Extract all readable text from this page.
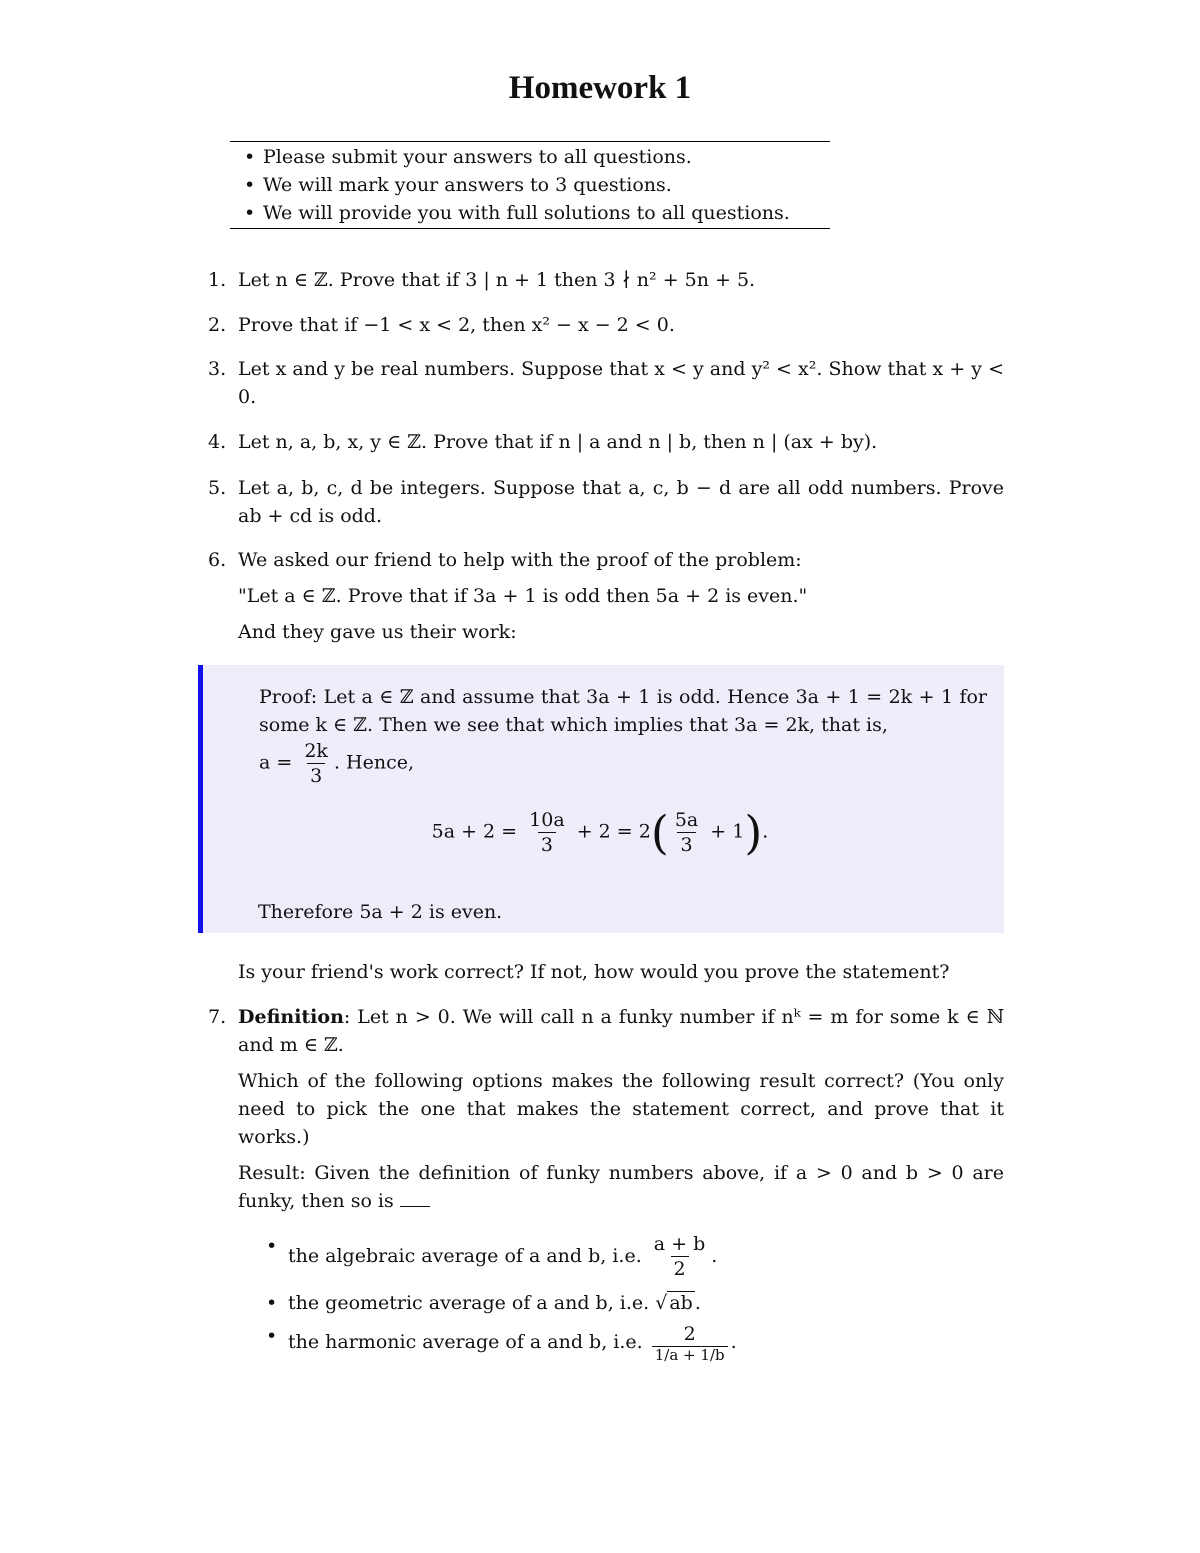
Homework 1
• Please submit your answers to all questions.
• We will mark your answers to 3 questions.
• We will provide you with full solutions to all questions.
1. Let n ∈ ℤ. Prove that if 3 | n + 1 then 3 ∤ n² + 5n + 5.
2. Prove that if −1 < x < 2, then x² − x − 2 < 0.
3. Let x and y be real numbers. Suppose that x < y and y² < x². Show that x + y < 0.
4. Let n, a, b, x, y ∈ ℤ. Prove that if n | a and n | b, then n | (ax + by).
5. Let a, b, c, d be integers. Suppose that a, c, b − d are all odd numbers. Prove ab + cd is odd.
6. We asked our friend to help with the proof of the problem:
"Let a ∈ ℤ. Prove that if 3a + 1 is odd then 5a + 2 is even."
And they gave us their work:
Proof: Let a ∈ ℤ and assume that 3a + 1 is odd. Hence 3a + 1 = 2k + 1 for some k ∈ ℤ. Then we see that which implies that 3a = 2k, that is,
$a = \frac{2k}{3}$ . Hence,
$5a + 2 = \frac{10a}{3} + 2 = 2( \frac{5a}{3} + 1)$.
Therefore 5a + 2 is even.
Is your friend's work correct? If not, how would you prove the statement?
7. Definition: Let n > 0. We will call n a funky number if nᵏ = m for some k ∈ ℕ and m ∈ ℤ.
Which of the following options makes the following result correct? (You only need to pick the one that makes the statement correct, and prove that it works.)
Result: Given the definition of funky numbers above, if a > 0 and b > 0 are funky, then so is
• the algebraic average of a and b, i.e. $\frac{a + b}{2}$ .
• the geometric average of a and b, i.e. √ ab .
• the harmonic average of a and b, i.e. $\frac{2}{1/a + 1/b}$ .
